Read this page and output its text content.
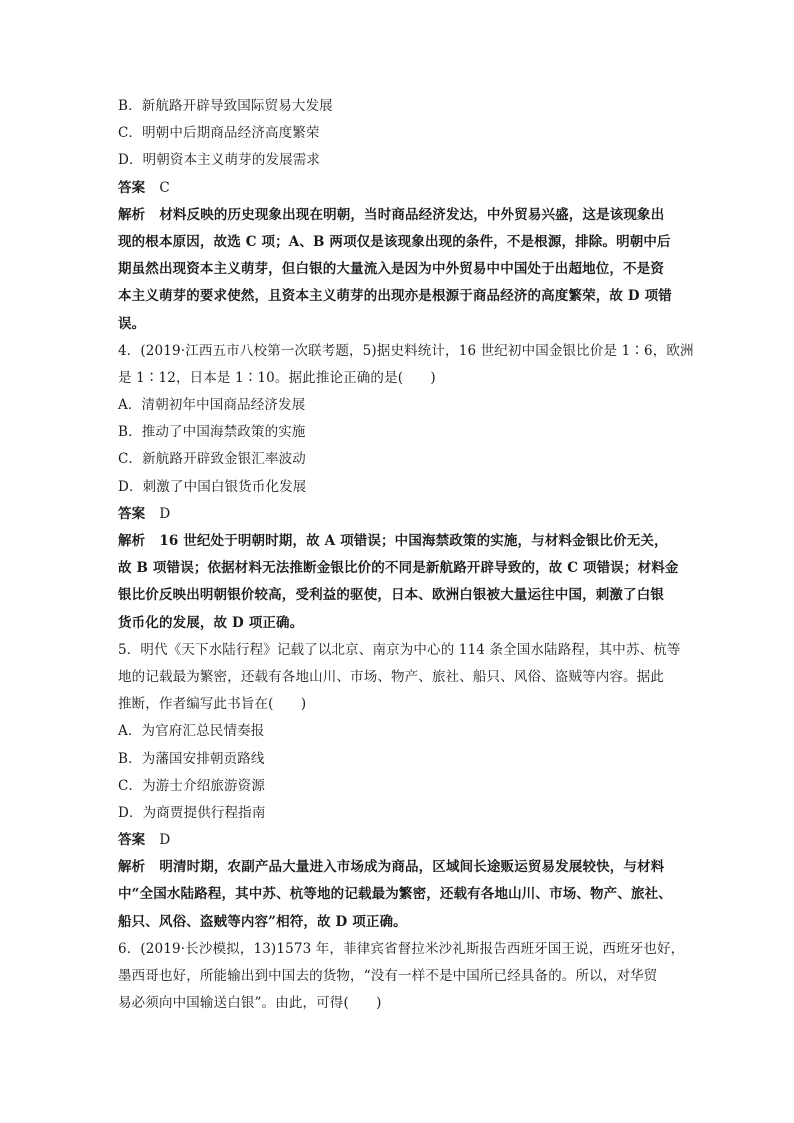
B．新航路开辟导致国际贸易大发展
C．明朝中后期商品经济高度繁荣
D．明朝资本主义萌芽的发展需求
答案 C
解析 材料反映的历史现象出现在明朝，当时商品经济发达，中外贸易兴盛，这是该现象出
现的根本原因，故选 C 项；A、B 两项仅是该现象出现的条件，不是根源，排除。明朝中后
期虽然出现资本主义萌芽，但白银的大量流入是因为中外贸易中中国处于出超地位，不是资
本主义萌芽的要求使然，且资本主义萌芽的出现亦是根源于商品经济的高度繁荣，故 D 项错
误。
4．(2019·江西五市八校第一次联考题，5)据史料统计，16 世纪初中国金银比价是 1∶6，欧洲
是 1∶12，日本是 1∶10。据此推论正确的是(　　)
A．清朝初年中国商品经济发展
B．推动了中国海禁政策的实施
C．新航路开辟致金银汇率波动
D．刺激了中国白银货币化发展
答案 D
解析 16 世纪处于明朝时期，故 A 项错误；中国海禁政策的实施，与材料金银比价无关，
故 B 项错误；依据材料无法推断金银比价的不同是新航路开辟导致的，故 C 项错误；材料金
银比价反映出明朝银价较高，受利益的驱使，日本、欧洲白银被大量运往中国，刺激了白银
货币化的发展，故 D 项正确。
5．明代《天下水陆行程》记载了以北京、南京为中心的 114 条全国水陆路程，其中苏、杭等
地的记载最为繁密，还载有各地山川、市场、物产、旅社、船只、风俗、盗贼等内容。据此
推断，作者编写此书旨在(　　)
A．为官府汇总民情奏报
B．为藩国安排朝贡路线
C．为游士介绍旅游资源
D．为商贾提供行程指南
答案 D
解析 明清时期，农副产品大量进入市场成为商品，区域间长途贩运贸易发展较快，与材料
中“全国水陆路程，其中苏、杭等地的记载最为繁密，还载有各地山川、市场、物产、旅社、
船只、风俗、盗贼等内容”相符，故 D 项正确。
6．(2019·长沙模拟，13)1573 年，菲律宾省督拉米沙礼斯报告西班牙国王说，西班牙也好，
墨西哥也好，所能输出到中国去的货物，“没有一样不是中国所已经具备的。所以，对华贸
易必须向中国输送白银”。由此，可得(　　)
